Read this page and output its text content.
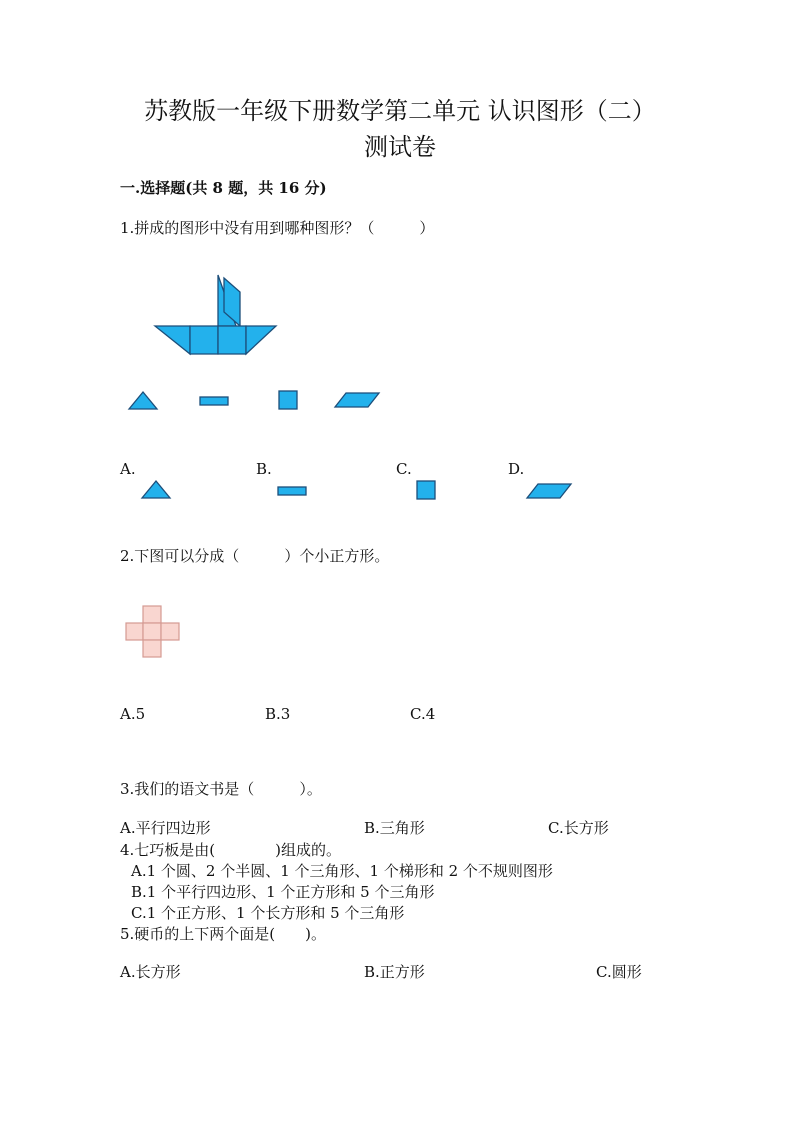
苏教版一年级下册数学第二单元 认识图形（二）
测试卷
一.选择题(共 8 题，共 16 分)
1.拼成的图形中没有用到哪种图形？（　　　）
A.	B.	C.	D.
2.下图可以分成（　　　）个小正方形。
A.5	B.3	C.4
3.我们的语文书是（　　　）。
A.平行四边形	B.三角形	C.长方形
4.七巧板是由(　　　　)组成的。
A.1 个圆、2 个半圆、1 个三角形、1 个梯形和 2 个不规则图形
B.1 个平行四边形、1 个正方形和 5 个三角形
C.1 个正方形、1 个长方形和 5 个三角形
5.硬币的上下两个面是(　　)。
A.长方形	B.正方形	C.圆形
